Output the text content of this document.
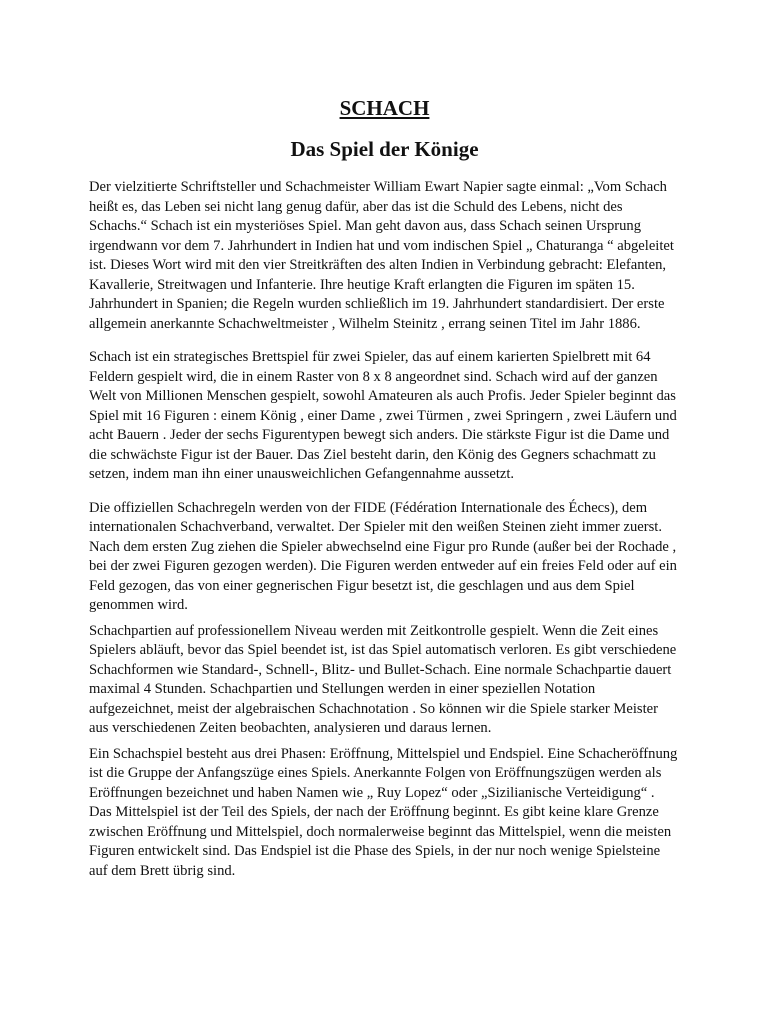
SCHACH
Das Spiel der Könige

Der vielzitierte Schriftsteller und Schachmeister William Ewart Napier sagte einmal: „Vom Schach heißt es, das Leben sei nicht lang genug dafür, aber das ist die Schuld des Lebens, nicht des Schachs.“ Schach ist ein mysteriöses Spiel. Man geht davon aus, dass Schach seinen Ursprung irgendwann vor dem 7. Jahrhundert in Indien hat und vom indischen Spiel „ Chaturanga “ abgeleitet ist. Dieses Wort wird mit den vier Streitkräften des alten Indien in Verbindung gebracht: Elefanten, Kavallerie, Streitwagen und Infanterie. Ihre heutige Kraft erlangten die Figuren im späten 15. Jahrhundert in Spanien; die Regeln wurden schließlich im 19. Jahrhundert standardisiert. Der erste allgemein anerkannte Schachweltmeister , Wilhelm Steinitz , errang seinen Titel im Jahr 1886.

Schach ist ein strategisches Brettspiel für zwei Spieler, das auf einem karierten Spielbrett mit 64 Feldern gespielt wird, die in einem Raster von 8 x 8 angeordnet sind. Schach wird auf der ganzen Welt von Millionen Menschen gespielt, sowohl Amateuren als auch Profis. Jeder Spieler beginnt das Spiel mit 16 Figuren : einem König , einer Dame , zwei Türmen , zwei Springern , zwei Läufern und acht Bauern . Jeder der sechs Figurentypen bewegt sich anders. Die stärkste Figur ist die Dame und die schwächste Figur ist der Bauer. Das Ziel besteht darin, den König des Gegners schachmatt zu setzen, indem man ihn einer unausweichlichen Gefangennahme aussetzt.

Die offiziellen Schachregeln werden von der FIDE (Fédération Internationale des Échecs), dem internationalen Schachverband, verwaltet. Der Spieler mit den weißen Steinen zieht immer zuerst. Nach dem ersten Zug ziehen die Spieler abwechselnd eine Figur pro Runde (außer bei der Rochade , bei der zwei Figuren gezogen werden). Die Figuren werden entweder auf ein freies Feld oder auf ein Feld gezogen, das von einer gegnerischen Figur besetzt ist, die geschlagen und aus dem Spiel genommen wird.

Schachpartien auf professionellem Niveau werden mit Zeitkontrolle gespielt. Wenn die Zeit eines Spielers abläuft, bevor das Spiel beendet ist, ist das Spiel automatisch verloren. Es gibt verschiedene Schachformen wie Standard-, Schnell-, Blitz- und Bullet-Schach. Eine normale Schachpartie dauert maximal 4 Stunden. Schachpartien und Stellungen werden in einer speziellen Notation aufgezeichnet, meist der algebraischen Schachnotation . So können wir die Spiele starker Meister aus verschiedenen Zeiten beobachten, analysieren und daraus lernen.

Ein Schachspiel besteht aus drei Phasen: Eröffnung, Mittelspiel und Endspiel. Eine Schacheröffnung ist die Gruppe der Anfangszüge eines Spiels. Anerkannte Folgen von Eröffnungszügen werden als Eröffnungen bezeichnet und haben Namen wie „ Ruy Lopez“ oder „Sizilianische Verteidigung“ . Das Mittelspiel ist der Teil des Spiels, der nach der Eröffnung beginnt. Es gibt keine klare Grenze zwischen Eröffnung und Mittelspiel, doch normalerweise beginnt das Mittelspiel, wenn die meisten Figuren entwickelt sind. Das Endspiel ist die Phase des Spiels, in der nur noch wenige Spielsteine auf dem Brett übrig sind.
